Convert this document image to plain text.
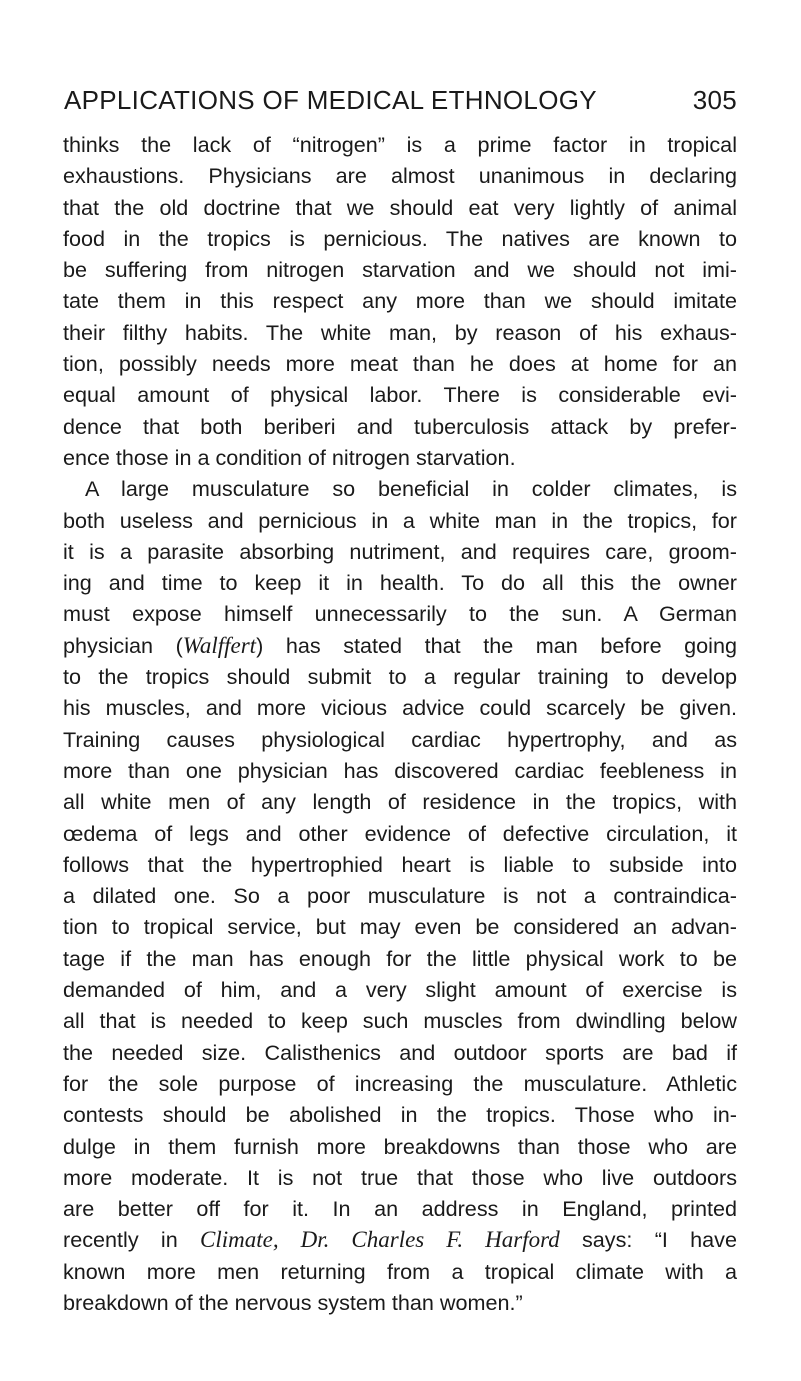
APPLICATIONS OF MEDICAL ETHNOLOGY	305
thinks the lack of “nitrogen” is a prime factor in tropical
exhaustions. Physicians are almost unanimous in declaring
that the old doctrine that we should eat very lightly of animal
food in the tropics is pernicious. The natives are known to
be suffering from nitrogen starvation and we should not imi-
tate them in this respect any more than we should imitate
their filthy habits. The white man, by reason of his exhaus-
tion, possibly needs more meat than he does at home for an
equal amount of physical labor. There is considerable evi-
dence that both beriberi and tuberculosis attack by prefer-
ence those in a condition of nitrogen starvation.
A large musculature so beneficial in colder climates, is
both useless and pernicious in a white man in the tropics, for
it is a parasite absorbing nutriment, and requires care, groom-
ing and time to keep it in health. To do all this the owner
must expose himself unnecessarily to the sun. A German
physician (Walffert) has stated that the man before going
to the tropics should submit to a regular training to develop
his muscles, and more vicious advice could scarcely be given.
Training causes physiological cardiac hypertrophy, and as
more than one physician has discovered cardiac feebleness in
all white men of any length of residence in the tropics, with
œdema of legs and other evidence of defective circulation, it
follows that the hypertrophied heart is liable to subside into
a dilated one. So a poor musculature is not a contraindica-
tion to tropical service, but may even be considered an advan-
tage if the man has enough for the little physical work to be
demanded of him, and a very slight amount of exercise is
all that is needed to keep such muscles from dwindling below
the needed size. Calisthenics and outdoor sports are bad if
for the sole purpose of increasing the musculature. Athletic
contests should be abolished in the tropics. Those who in-
dulge in them furnish more breakdowns than those who are
more moderate. It is not true that those who live outdoors
are better off for it. In an address in England, printed
recently in Climate, Dr. Charles F. Harford says: “I have
known more men returning from a tropical climate with a
breakdown of the nervous system than women.”
